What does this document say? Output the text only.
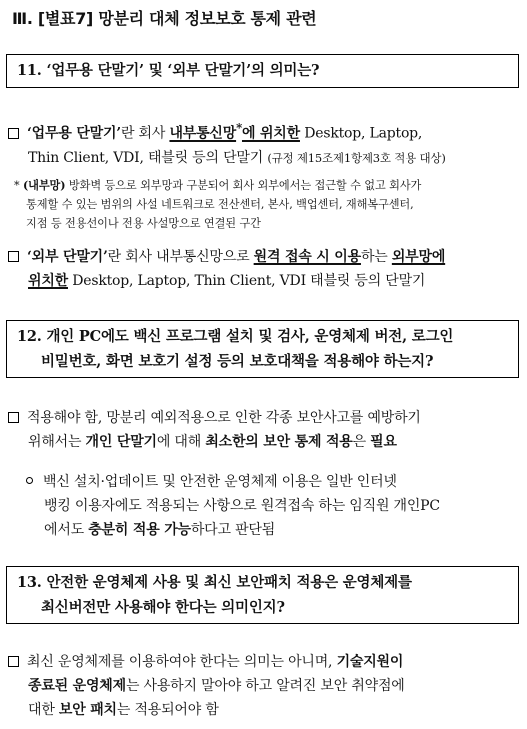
Ⅲ. [별표7] 망분리 대체 정보보호 통제 관련
11. ‘업무용 단말기’ 및 ‘외부 단말기’의 의미는?
‘업무용 단말기’란 회사 내부통신망*에 위치한 Desktop, Laptop,
Thin Client, VDI, 태블릿 등의 단말기 (규정 제15조제1항제3호 적용 대상)
* (내부망) 방화벽 등으로 외부망과 구분되어 회사 외부에서는 접근할 수 없고 회사가
통제할 수 있는 범위의 사설 네트워크로 전산센터, 본사, 백업센터, 재해복구센터,
지점 등 전용선이나 전용 사설망으로 연결된 구간
‘외부 단말기’란 회사 내부통신망으로 원격 접속 시 이용하는 외부망에
위치한 Desktop, Laptop, Thin Client, VDI 태블릿 등의 단말기
12. 개인 PC에도 백신 프로그램 설치 및 검사, 운영체제 버전, 로그인
비밀번호, 화면 보호기 설정 등의 보호대책을 적용해야 하는지?
적용해야 함, 망분리 예외적용으로 인한 각종 보안사고를 예방하기
위해서는 개인 단말기에 대해 최소한의 보안 통제 적용은 필요
백신 설치·업데이트 및 안전한 운영체제 이용은 일반 인터넷
뱅킹 이용자에도 적용되는 사항으로 원격접속 하는 임직원 개인PC
에서도 충분히 적용 가능하다고 판단됨
13. 안전한 운영체제 사용 및 최신 보안패치 적용은 운영체제를
최신버전만 사용해야 한다는 의미인지?
최신 운영체제를 이용하여야 한다는 의미는 아니며, 기술지원이
종료된 운영체제는 사용하지 말아야 하고 알려진 보안 취약점에
대한 보안 패치는 적용되어야 함
